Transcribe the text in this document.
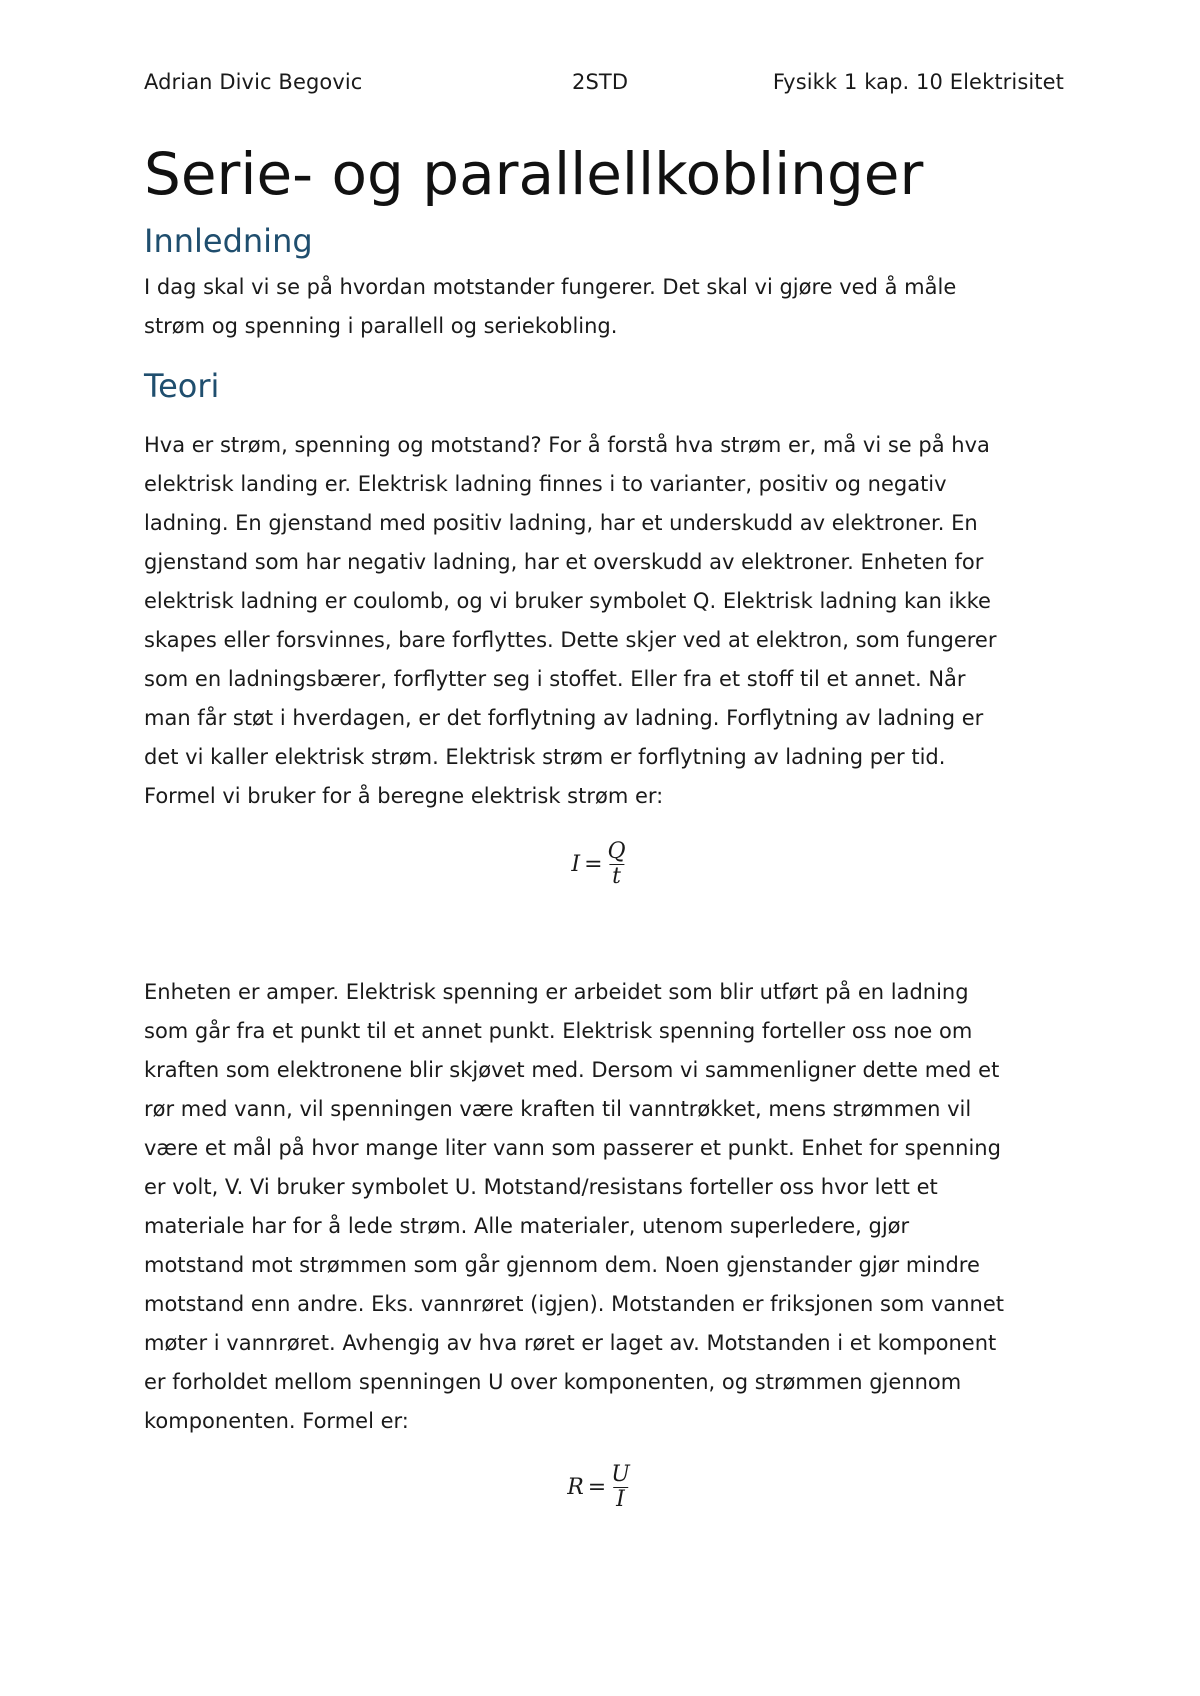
Adrian Divic Begovic	2STD	Fysikk 1 kap. 10 Elektrisitet
Serie- og parallellkoblinger
Innledning

I dag skal vi se på hvordan motstander fungerer. Det skal vi gjøre ved å måle
strøm og spenning i parallell og seriekobling.

Teori

Hva er strøm, spenning og motstand? For å forstå hva strøm er, må vi se på hva
elektrisk landing er. Elektrisk ladning finnes i to varianter, positiv og negativ
ladning. En gjenstand med positiv ladning, har et underskudd av elektroner. En
gjenstand som har negativ ladning, har et overskudd av elektroner. Enheten for
elektrisk ladning er coulomb, og vi bruker symbolet Q. Elektrisk ladning kan ikke
skapes eller forsvinnes, bare forflyttes. Dette skjer ved at elektron, som fungerer
som en ladningsbærer, forflytter seg i stoffet. Eller fra et stoff til et annet. Når
man får støt i hverdagen, er det forflytning av ladning. Forflytning av ladning er
det vi kaller elektrisk strøm. Elektrisk strøm er forflytning av ladning per tid.
Formel vi bruker for å beregne elektrisk strøm er:

$I = \frac{Q}{t}$

Enheten er amper. Elektrisk spenning er arbeidet som blir utført på en ladning
som går fra et punkt til et annet punkt. Elektrisk spenning forteller oss noe om
kraften som elektronene blir skjøvet med. Dersom vi sammenligner dette med et
rør med vann, vil spenningen være kraften til vanntrøkket, mens strømmen vil
være et mål på hvor mange liter vann som passerer et punkt. Enhet for spenning
er volt, V. Vi bruker symbolet U. Motstand/resistans forteller oss hvor lett et
materiale har for å lede strøm. Alle materialer, utenom superledere, gjør
motstand mot strømmen som går gjennom dem. Noen gjenstander gjør mindre
motstand enn andre. Eks. vannrøret (igjen). Motstanden er friksjonen som vannet
møter i vannrøret. Avhengig av hva røret er laget av. Motstanden i et komponent
er forholdet mellom spenningen U over komponenten, og strømmen gjennom
komponenten. Formel er:

$R = \frac{U}{I}$
